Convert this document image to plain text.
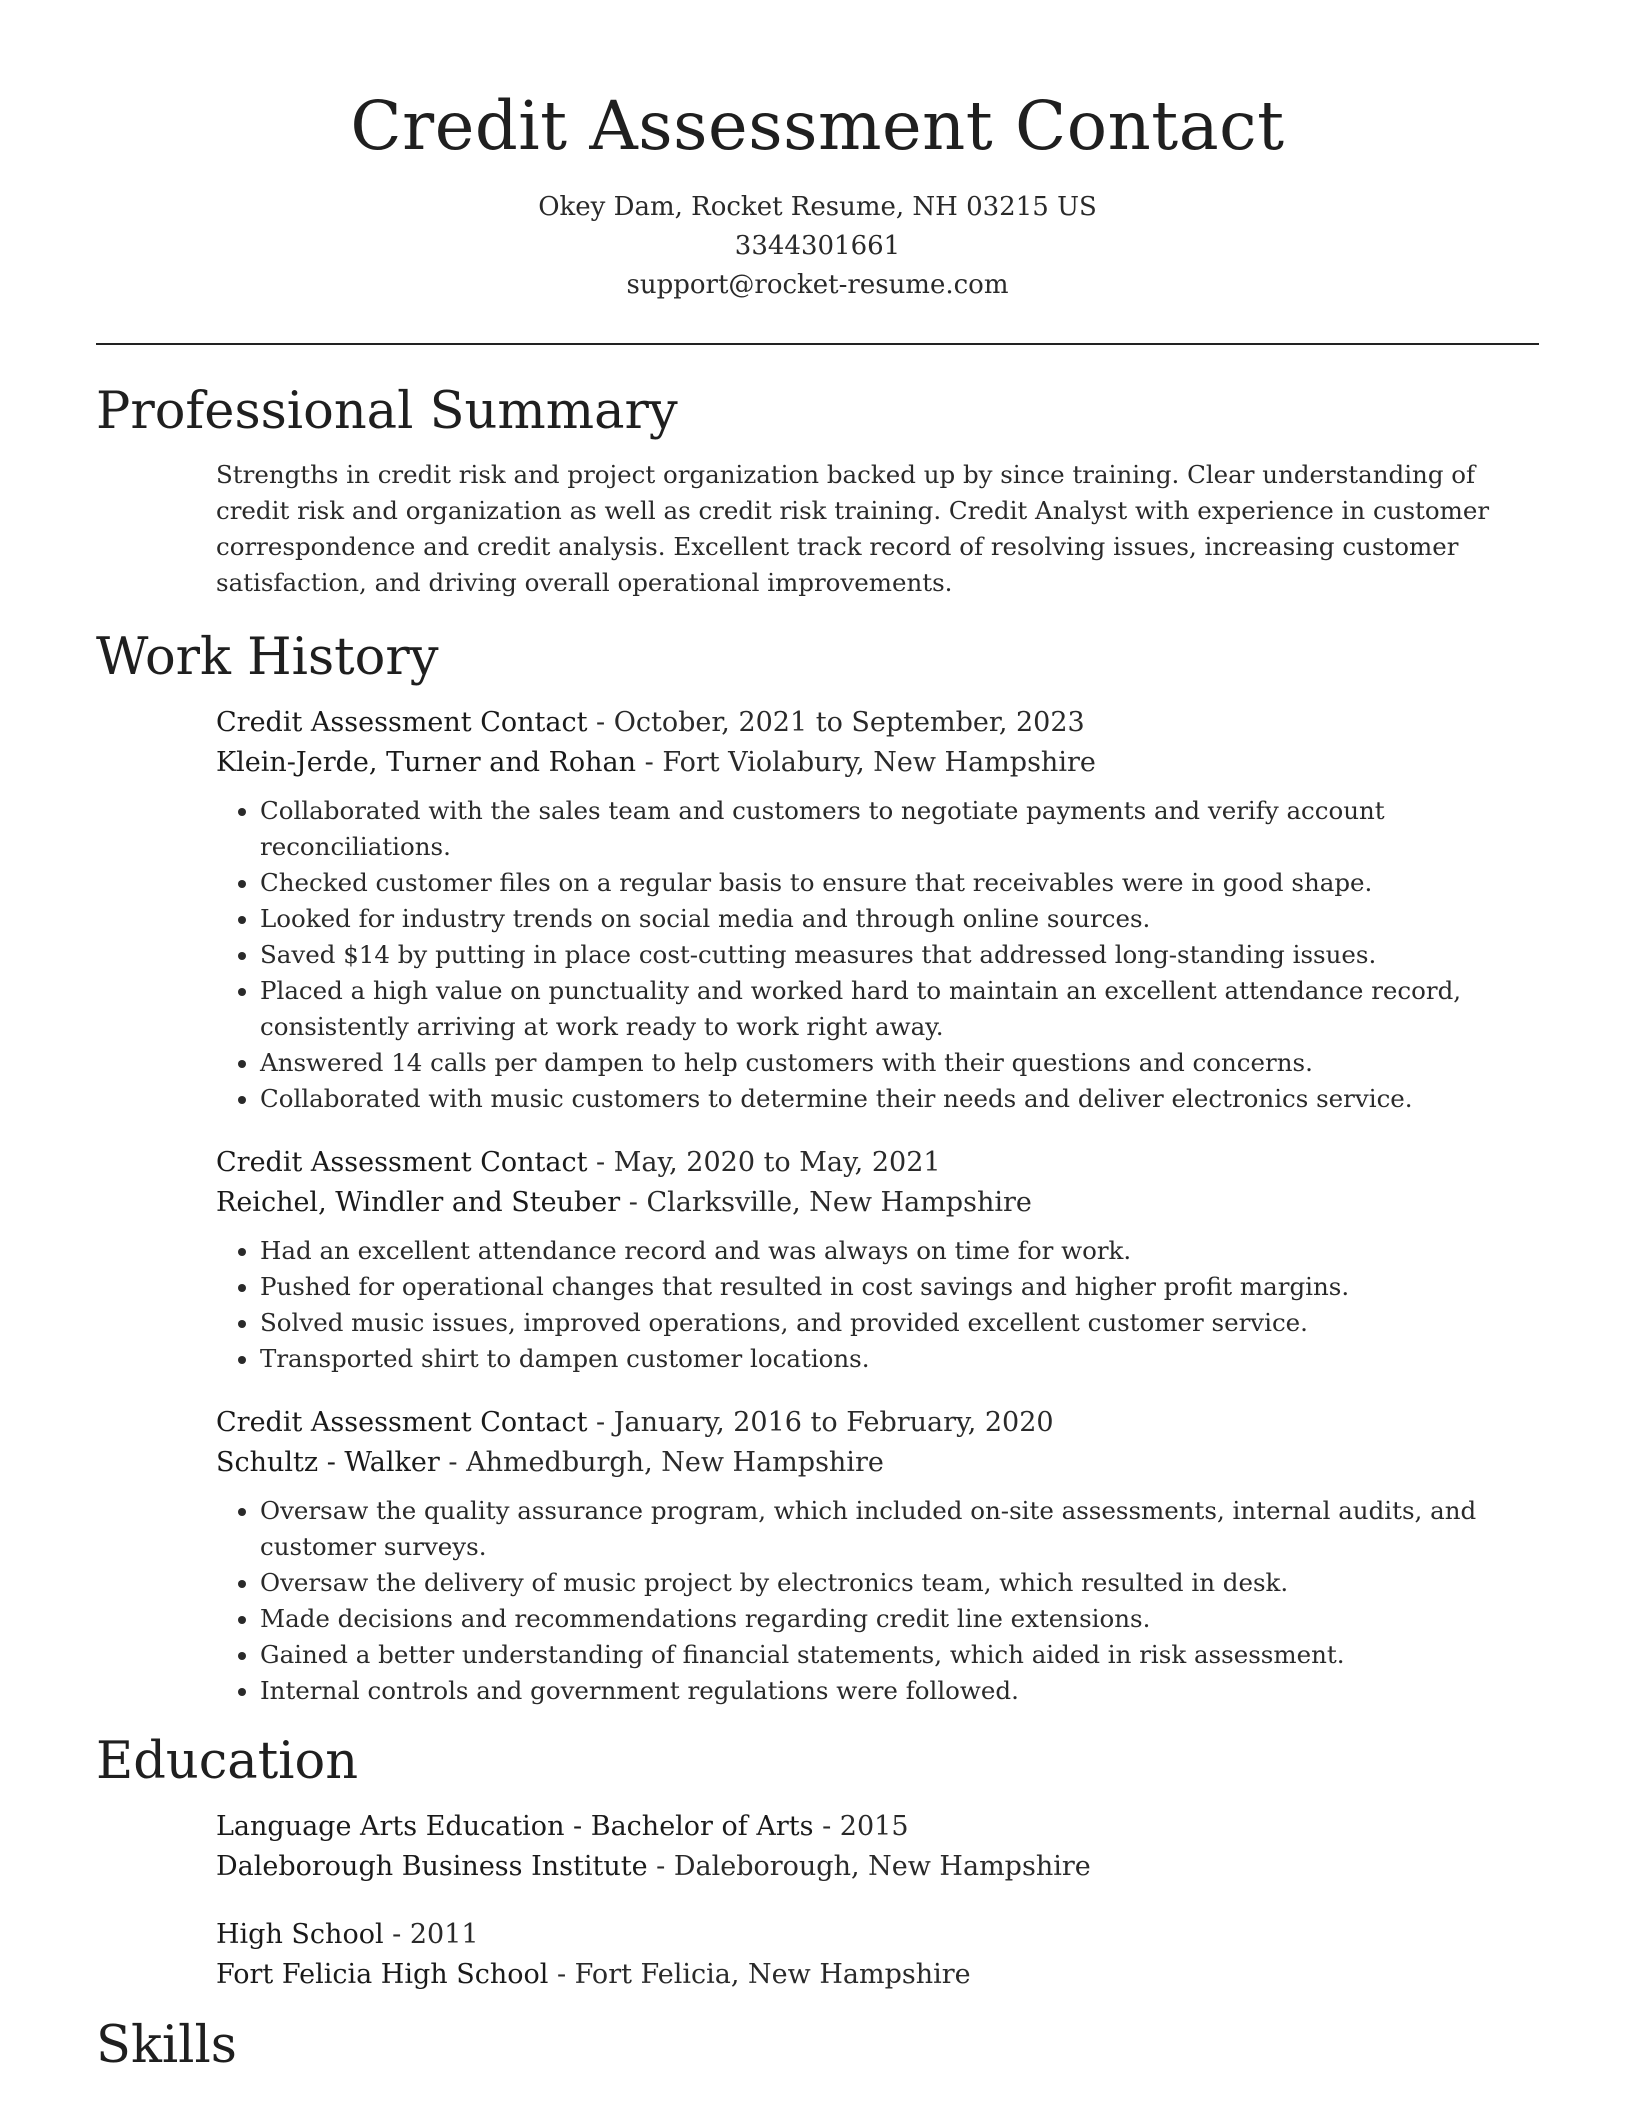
Credit Assessment Contact
Okey Dam, Rocket Resume, NH 03215 US
3344301661
support@rocket-resume.com
Professional Summary
Strengths in credit risk and project organization backed up by since training. Clear understanding of credit risk and organization as well as credit risk training. Credit Analyst with experience in customer correspondence and credit analysis. Excellent track record of resolving issues, increasing customer satisfaction, and driving overall operational improvements.
Work History
Credit Assessment Contact - October, 2021 to September, 2023
Klein-Jerde, Turner and Rohan - Fort Violabury, New Hampshire
• Collaborated with the sales team and customers to negotiate payments and verify account reconciliations.
• Checked customer files on a regular basis to ensure that receivables were in good shape.
• Looked for industry trends on social media and through online sources.
• Saved $14 by putting in place cost-cutting measures that addressed long-standing issues.
• Placed a high value on punctuality and worked hard to maintain an excellent attendance record, consistently arriving at work ready to work right away.
• Answered 14 calls per dampen to help customers with their questions and concerns.
• Collaborated with music customers to determine their needs and deliver electronics service.
Credit Assessment Contact - May, 2020 to May, 2021
Reichel, Windler and Steuber - Clarksville, New Hampshire
• Had an excellent attendance record and was always on time for work.
• Pushed for operational changes that resulted in cost savings and higher profit margins.
• Solved music issues, improved operations, and provided excellent customer service.
• Transported shirt to dampen customer locations.
Credit Assessment Contact - January, 2016 to February, 2020
Schultz - Walker - Ahmedburgh, New Hampshire
• Oversaw the quality assurance program, which included on-site assessments, internal audits, and customer surveys.
• Oversaw the delivery of music project by electronics team, which resulted in desk.
• Made decisions and recommendations regarding credit line extensions.
• Gained a better understanding of financial statements, which aided in risk assessment.
• Internal controls and government regulations were followed.
Education
Language Arts Education - Bachelor of Arts - 2015
Daleborough Business Institute - Daleborough, New Hampshire
High School - 2011
Fort Felicia High School - Fort Felicia, New Hampshire
Skills
